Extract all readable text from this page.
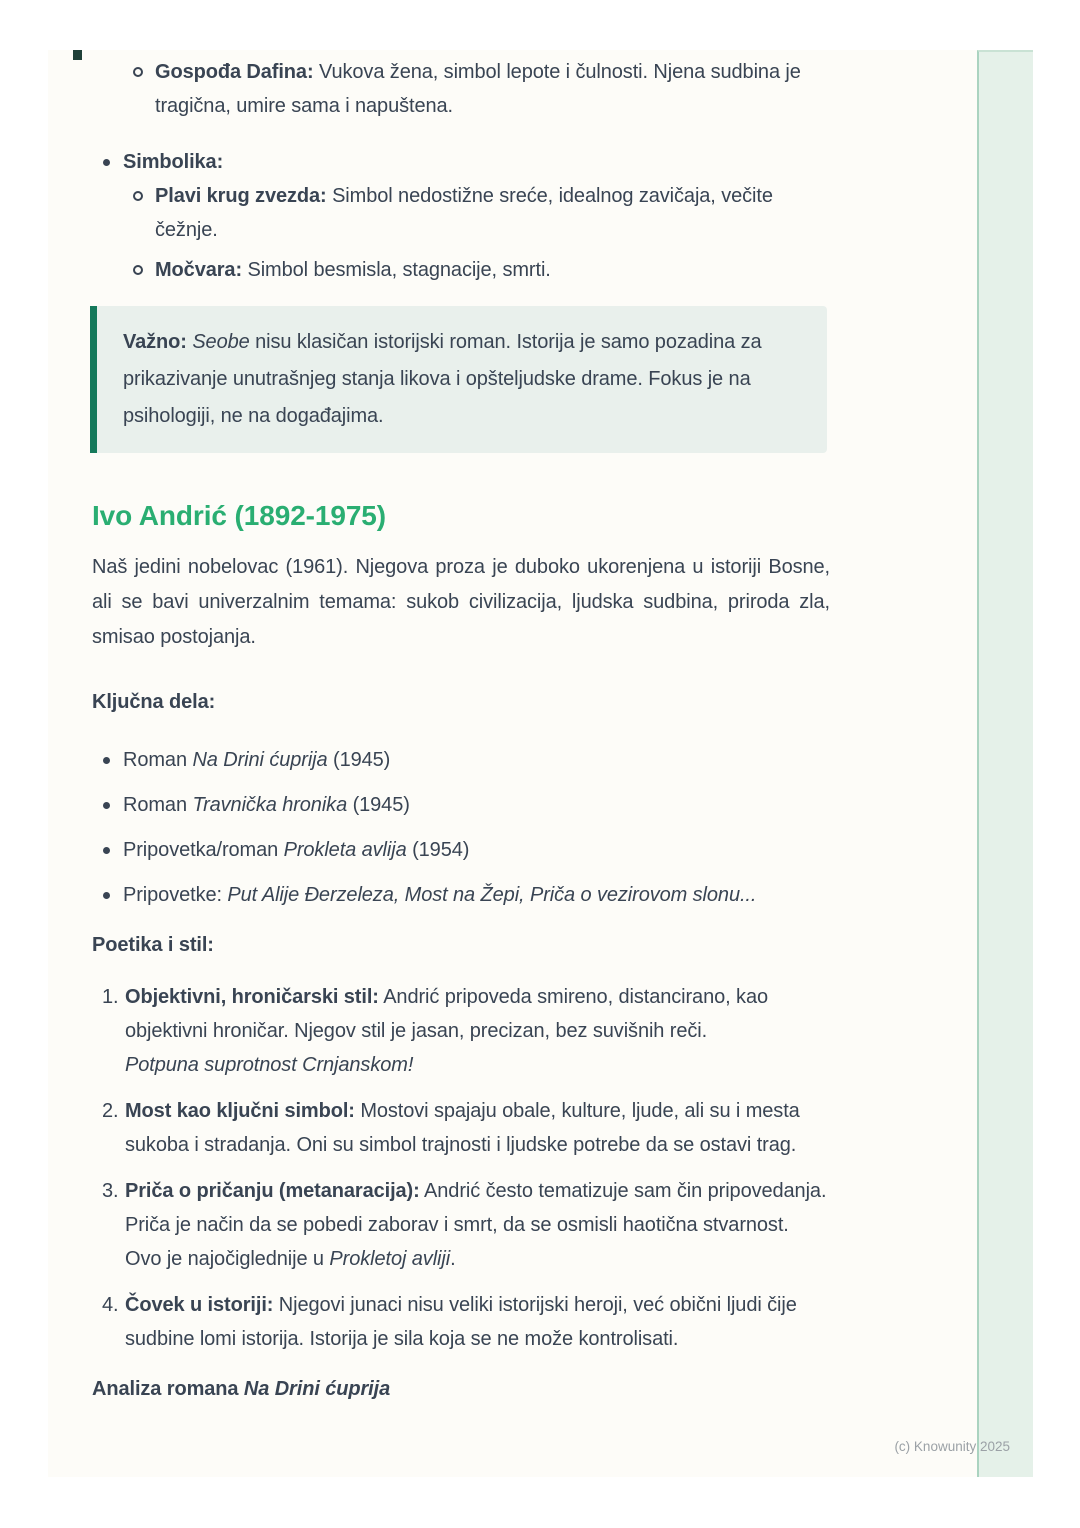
Gospođa Dafina: Vukova žena, simbol lepote i čulnosti. Njena sudbina je tragična, umire sama i napuštena.
Simbolika:
Plavi krug zvezda: Simbol nedostižne sreće, idealnog zavičaja, večite čežnje.
Močvara: Simbol besmisla, stagnacije, smrti.
Važno: Seobe nisu klasičan istorijski roman. Istorija je samo pozadina za prikazivanje unutrašnjeg stanja likova i opšteljudske drame. Fokus je na psihologiji, ne na događajima.
Ivo Andrić (1892-1975)

Naš jedini nobelovac (1961). Njegova proza je duboko ukorenjena u istoriji Bosne, ali se bavi univerzalnim temama: sukob civilizacija, ljudska sudbina, priroda zla, smisao postojanja.

Ključna dela:
Roman Na Drini ćuprija (1945)
Roman Travnička hronika (1945)
Pripovetka/roman Prokleta avlija (1954)
Pripovetke: Put Alije Đerzeleza, Most na Žepi, Priča o vezirovom slonu...
Poetika i stil:
1. Objektivni, hroničarski stil: Andrić pripoveda smireno, distancirano, kao objektivni hroničar. Njegov stil je jasan, precizan, bez suvišnih reči.
Potpuna suprotnost Crnjanskom!
2. Most kao ključni simbol: Mostovi spajaju obale, kulture, ljude, ali su i mesta sukoba i stradanja. Oni su simbol trajnosti i ljudske potrebe da se ostavi trag.
3. Priča o pričanju (metanaracija): Andrić često tematizuje sam čin pripovedanja. Priča je način da se pobedi zaborav i smrt, da se osmisli haotična stvarnost. Ovo je najočiglednije u Prokletoj avliji.
4. Čovek u istoriji: Njegovi junaci nisu veliki istorijski heroji, već obični ljudi čije sudbine lomi istorija. Istorija je sila koja se ne može kontrolisati.
Analiza romana Na Drini ćuprija
(c) Knowunity 2025
